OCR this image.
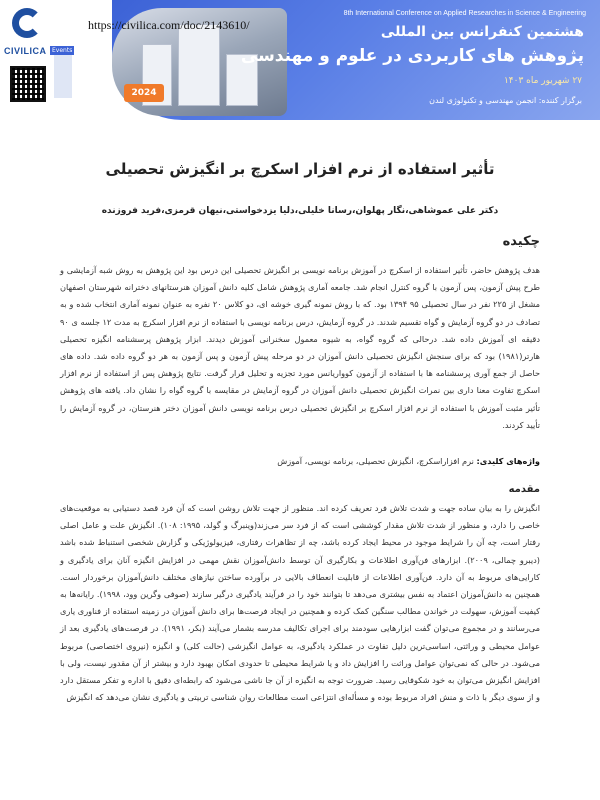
CIVILICA Events
2024
8th International Conference on Applied Researches in Science & Engineering
هشتمین کنفرانس بین المللی
پژوهش های کاربردی در علوم و مهندسی
۲۷ شهریور ماه ۱۴۰۳
برگزار کننده: انجمن مهندسی و تکنولوژی لندن
https://civilica.com/doc/2143610/
تأثیر استفاده از نرم افزار اسکرچ بر انگیزش تحصیلی
دکتر علی عموشاهی،نگار پهلوان،رسانا خلیلی،دلیا یزدخواستی،نیهان قرمزی،فرید فروزنده
چکیده
هدف پژوهش حاضر، تأثیر استفاده از اسکرچ در آموزش برنامه نویسی بر انگیزش تحصیلی این درس بود این پژوهش به روش شبه آزمایشی و طرح پیش آزمون، پس آزمون با گروه کنترل انجام شد. جامعه آماری پژوهش شامل کلیه دانش آموزان هنرستانهای دخترانه شهرستان اصفهان مشغل از ۲۲۵ نفر در سال تحصیلی ۹۵ ۱۳۹۴ بود. که با روش نمونه گیری خوشه ای، دو کلاس ۲۰ نفره به عنوان نمونه آماری انتخاب شده و به تصادف در دو گروه آزمایش و گواه تقسیم شدند. در گروه آزمایش، درس برنامه نویسی با استفاده از نرم افزار اسکرچ به مدت ۱۲ جلسه ی ۹۰ دقیقه ای آموزش داده شد. درحالی که گروه گواه، به شیوه معمول سخنرانی آموزش دیدند. ابزار پژوهش پرسشنامه انگیزه تحصیلی هارتر(۱۹۸۱) بود که برای سنجش انگیزش تحصیلی دانش آموزان در دو مرحله پیش آزمون و پس آزمون به هر دو گروه داده شد. داده های حاصل از جمع آوری پرسشنامه ها با استفاده از آزمون کوواریانس مورد تجزیه و تحلیل قرار گرفت. نتایج پژوهش پس از استفاده از نرم افزار اسکرچ تفاوت معنا داری بین نمرات انگیزش تحصیلی دانش آموزان در گروه آزمایش در مقایسه با گروه گواه را نشان داد. یافته های پژوهش تأثیر مثبت آموزش با استفاده از نرم افزار اسکرچ بر انگیزش تحصیلی درس برنامه نویسی دانش آموزان دختر هنرستان، در گروه آزمایش را تأیید کردند.
واژه‌های کلیدی: نرم افزاراسکرچ، انگیزش تحصیلی، برنامه نویسی، آموزش
مقدمه
انگیزش را به بیان ساده جهت و شدت تلاش فرد تعریف کرده اند. منظور از جهت تلاش روشن است که آن فرد قصد دستیابی به موقعیت‌های خاصی را دارد، و منظور از شدت تلاش مقدار کوششی است که از فرد سر می‌زند(وینبرگ و گولد، ۱۹۹۵: ۱۰۸). انگیزش علت و عامل اصلی رفتار است، چه آن را شرایط موجود در محیط ایجاد کرده باشد، چه از تظاهرات رفتاری، فیزیولوژیکی و گزارش شخصی استنباط شده باشد (دیبرو چمالی، ۲۰۰۹). ابزارهای فن‌آوری اطلاعات و بکارگیری آن توسط دانش‌آموزان نقش مهمی در افزایش انگیزه آنان برای یادگیری و کارایی‌های مربوط به آن دارد. فن‌آوری اطلاعات از قابلیت انعطاف بالایی در برآورده ساختن نیازهای مختلف دانش‌آموزان برخوردار است. همچنین به دانش‌آموزان اعتماد به نفس بیشتری می‌دهد تا بتوانند خود را در فرآیند یادگیری درگیر سازند (صوفی وگرین وود، ۱۹۹۸). رایانه‌ها به کیفیت آموزش، سهولت در خواندن مطالب سنگین کمک کرده و همچنین در ایجاد فرصت‌ها برای دانش آموزان در زمینه استفاده از فناوری یاری می‌رسانند و در مجموع می‌توان گفت ابزارهایی سودمند برای اجرای تکالیف مدرسه بشمار می‌آیند (بکر، ۱۹۹۱). در فرصت‌های یادگیری بعد از عوامل محیطی و وراثتی، اساسی‌ترین دلیل تفاوت در عملکرد یادگیری، به عوامل انگیزشی (حالت کلی) و انگیزه (نیروی اختصاصی) مربوط می‌شود. در حالی که نمی‌توان عوامل وراثت را افزایش داد و یا شرایط محیطی تا حدودی امکان بهبود دارد و بیشتر از آن مقدور نیست، ولی با افزایش انگیزش می‌توان به خود شکوفایی رسید. ضرورت توجه به انگیزه از آن جا ناشی می‌شود که رابطه‌ای دقیق با اداره و تفکر مستقل دارد و از سوی دیگر با ذات و منش افراد مربوط بوده و مسأله‌ای انتزاعی است مطالعات روان شناسی تربیتی و یادگیری نشان می‌دهد که انگیزش
